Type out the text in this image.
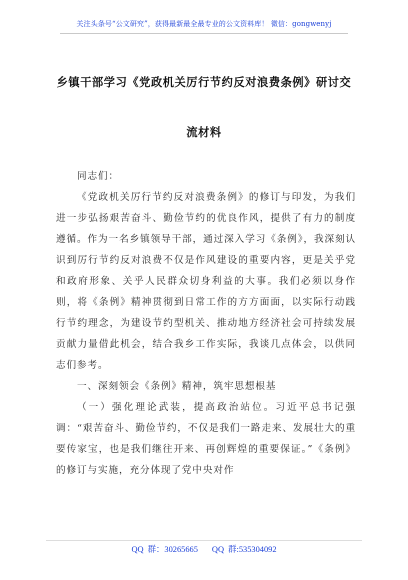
关注头条号“公文研究”，获得最新最全最专业的公文资料库！ 微信：gongwenyj
乡镇干部学习《党政机关厉行节约反对浪费条例》研讨交
流材料

同志们：

《党政机关厉行节约反对浪费条例》的修订与印发，为我们进一步弘扬艰苦奋斗、勤俭节约的优良作风，提供了有力的制度遵循。作为一名乡镇领导干部，通过深入学习《条例》，我深刻认识到厉行节约反对浪费不仅是作风建设的重要内容，更是关乎党和政府形象、关乎人民群众切身利益的大事。我们必须以身作则，将《条例》精神贯彻到日常工作的方方面面，以实际行动践行节约理念，为建设节约型机关、推动地方经济社会可持续发展贡献力量借此机会，结合我乡工作实际，我谈几点体会，以供同志们参考。

一、深刻领会《条例》精神，筑牢思想根基

（一）强化理论武装，提高政治站位。习近平总书记强调：“艰苦奋斗、勤俭节约，不仅是我们一路走来、发展壮大的重要传家宝，也是我们继往开来、再创辉煌的重要保证。”《条例》的修订与实施，充分体现了党中央对作

QQ 群：30265665 QQ 群:535304092
